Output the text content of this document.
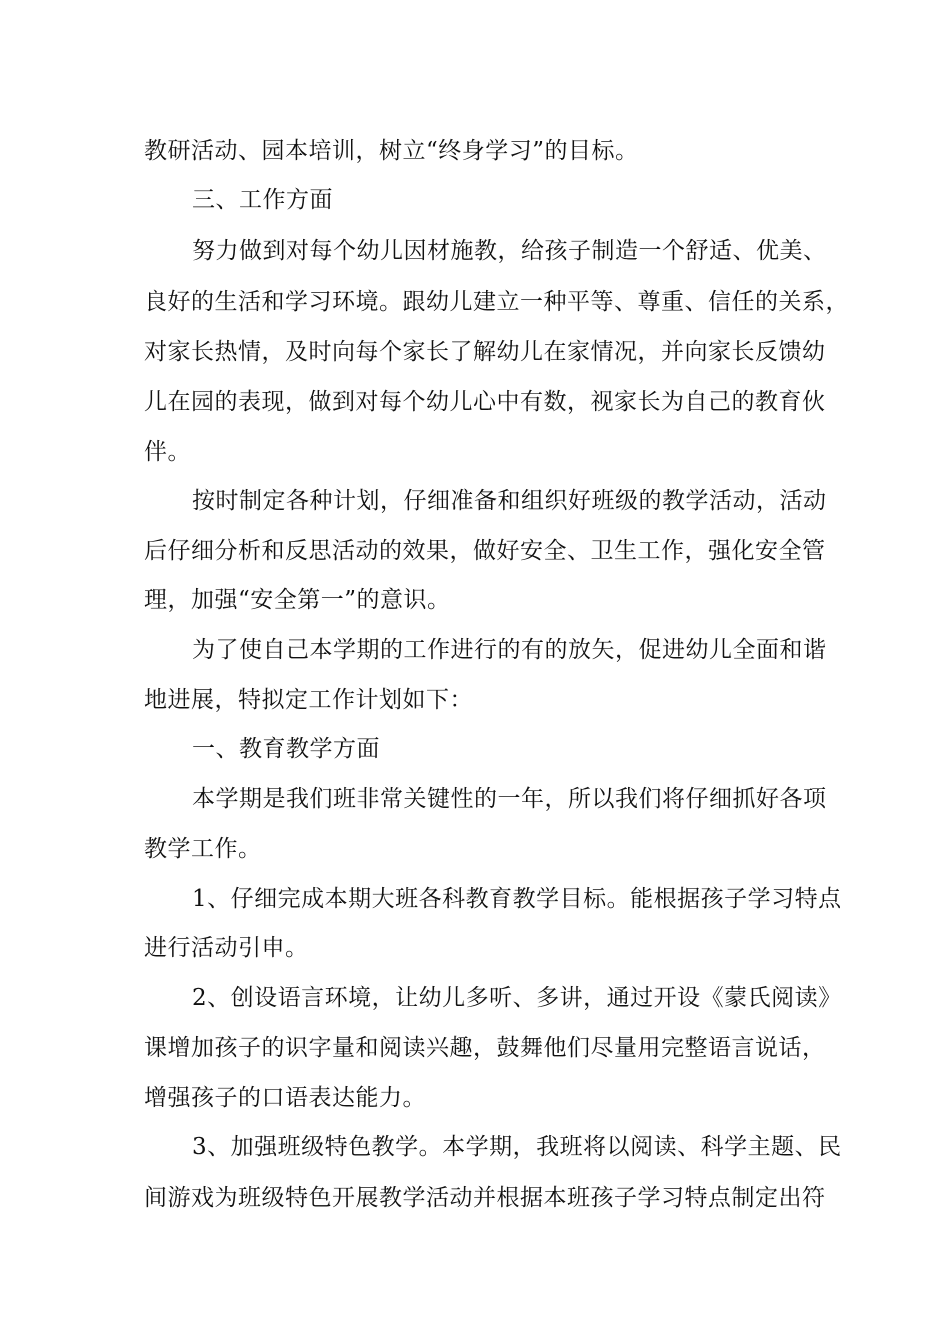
教研活动、园本培训，树立“终身学习”的目标。
三、工作方面
努力做到对每个幼儿因材施教，给孩子制造一个舒适、优美、
良好的生活和学习环境。跟幼儿建立一种平等、尊重、信任的关系，
对家长热情，及时向每个家长了解幼儿在家情况，并向家长反馈幼
儿在园的表现，做到对每个幼儿心中有数，视家长为自己的教育伙
伴。
按时制定各种计划，仔细准备和组织好班级的教学活动，活动
后仔细分析和反思活动的效果，做好安全、卫生工作，强化安全管
理，加强“安全第一”的意识。
为了使自己本学期的工作进行的有的放矢，促进幼儿全面和谐
地进展，特拟定工作计划如下：
一、教育教学方面
本学期是我们班非常关键性的一年，所以我们将仔细抓好各项
教学工作。
1、仔细完成本期大班各科教育教学目标。能根据孩子学习特点
进行活动引申。
2、创设语言环境，让幼儿多听、多讲，通过开设《蒙氏阅读》
课增加孩子的识字量和阅读兴趣，鼓舞他们尽量用完整语言说话，
增强孩子的口语表达能力。
3、加强班级特色教学。本学期，我班将以阅读、科学主题、民
间游戏为班级特色开展教学活动并根据本班孩子学习特点制定出符
